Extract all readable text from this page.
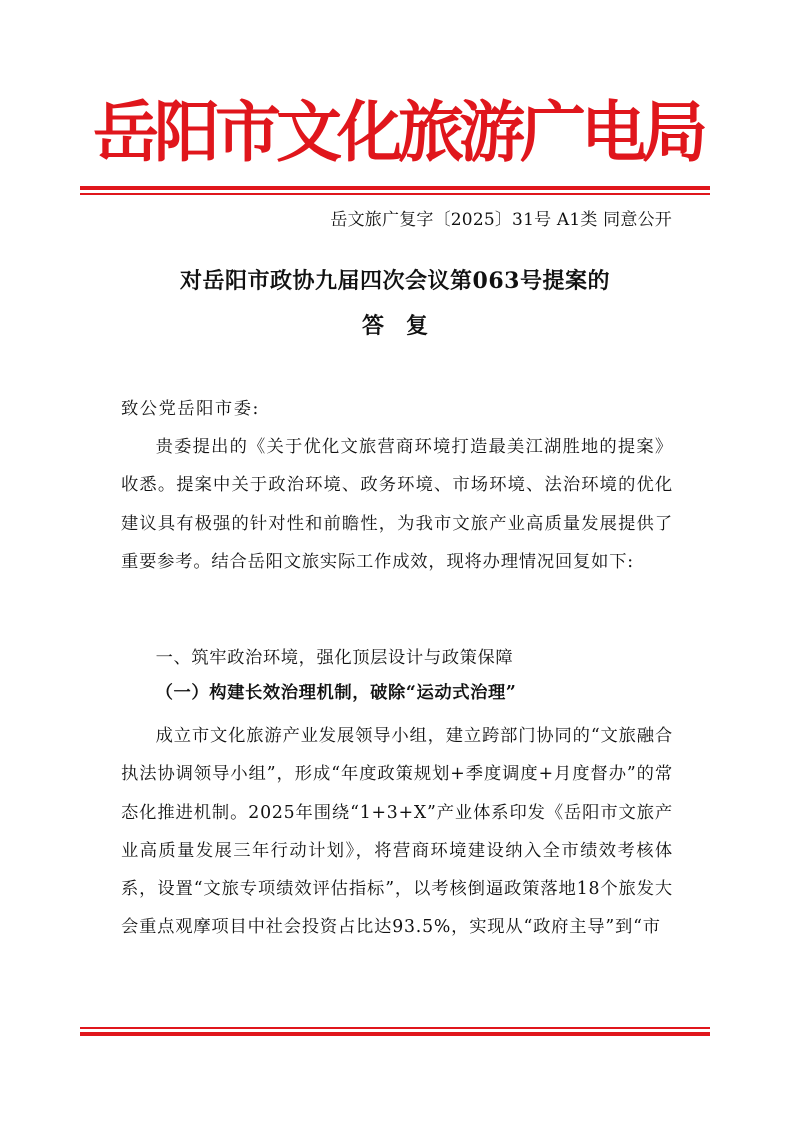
岳阳市文化旅游广电局
岳文旅广复字〔2025〕31号 A1类 同意公开
对岳阳市政协九届四次会议第063号提案的
答复

致公党岳阳市委:

贵委提出的《关于优化文旅营商环境打造最美江湖胜地的提案》收悉。提案中关于政治环境、政务环境、市场环境、法治环境的优化建议具有极强的针对性和前瞻性，为我市文旅产业高质量发展提供了重要参考。结合岳阳文旅实际工作成效，现将办理情况回复如下:

一、筑牢政治环境，强化顶层设计与政策保障

（一）构建长效治理机制，破除“运动式治理”

成立市文化旅游产业发展领导小组，建立跨部门协同的“文旅融合执法协调领导小组”，形成“年度政策规划+季度调度+月度督办”的常态化推进机制。2025年围绕“1+3+X”产业体系印发《岳阳市文旅产业高质量发展三年行动计划》，将营商环境建设纳入全市绩效考核体系，设置“文旅专项绩效评估指标”，以考核倒逼政策落地18个旅发大会重点观摩项目中社会投资占比达93.5%，实现从“政府主导”到“市
